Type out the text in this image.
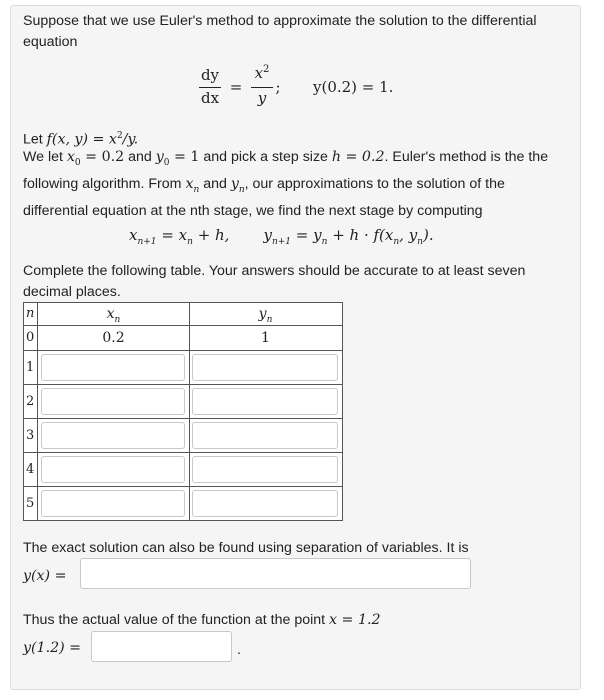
Suppose that we use Euler's method to approximate the solution to the differential equation
dy
dx
=
$x^2$
y
; y(0.2) = 1.
Let f(x, $y) = x^2/y$.
We let $x_0 = 0.2$ and $y_0 = 1$ and pick a step size h = 0.2. Euler's method is the the
following algorithm. From $x_n$ and $y_n$, our approximations to the solution of the
differential equation at the nth stage, we find the next stage by computing
$x_{n+1} = x_n + h$, $y_{n+1} = y_n + h \cdot f(x_n$, $y_n$).
Complete the following table. Your answers should be accurate to at least seven decimal places.
n	$x_n$	$y_n$
0	0.2	1
1
2
3
4
5
The exact solution can also be found using separation of variables. It is
y(x) =
Thus the actual value of the function at the point x = 1.2
y(1.2) =	.
